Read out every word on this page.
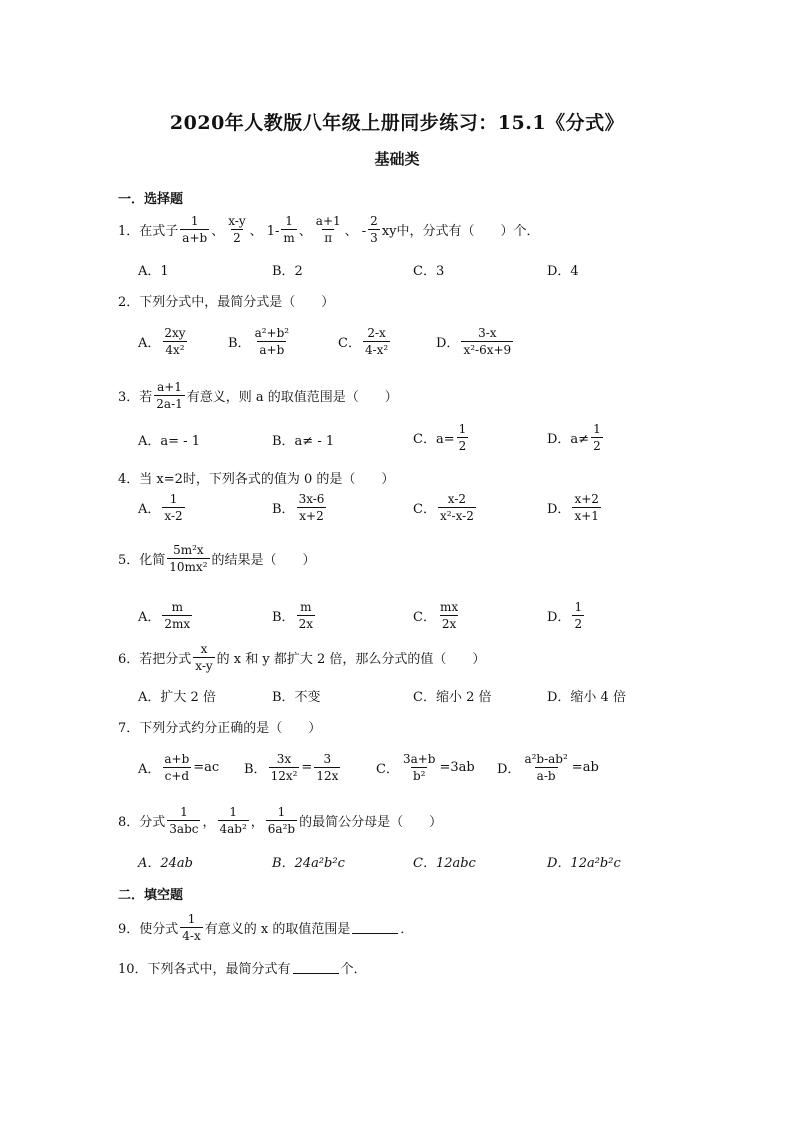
2020年人教版八年级上册同步练习：15.1《分式》
基础类
一．选择题
1． 在式子 $\frac{1}{a+b}$ 、 $\frac{x-y}{2}$ 、 $1- \frac{1}{m}$ 、 $\frac{a+1}{\pi}$ 、 - $\frac{2}{3}$ xy中，分式有（　　）个．
A．1	B．2	C．3	D．4
2．下列分式中，最简分式是（　　）
A． $\frac{2xy}{\text{4x²}}$	B． $\frac{\text{a²+b²}}{a+b}$	C． $\frac{2-x}{\text{4-x²}}$	D． $\frac{3-x}{\text{x²-6x+9}}$
3．若 $\frac{a+1}{2a-1}$ 有意义，则 a 的取值范围是（　　）
A．a= - 1	B．a≠ - 1	C．$a= \frac{1}{2}$	D．$a\ne \frac{1}{2}$
4．当 x=2时，下列各式的值为 0 的是（　　）
A． $\frac{1}{x-2}$	B． $\frac{3x-6}{x+2}$	C． $\frac{x-2}{\text{x²-x-2}}$	D． $\frac{x+2}{x+1}$
5．化简 $\frac{\text{5m²x}}{\text{10mx²}}$ 的结果是（　　）
A． $\frac{m}{2mx}$	B． $\frac{m}{2x}$	C． $\frac{mx}{2x}$	D． $\frac{1}{2}$
6．若把分式 $\frac{x}{x-y}$ 的 x 和 y 都扩大 2 倍，那么分式的值（　　）
A．扩大 2 倍	B．不变	C．缩小 2 倍	D．缩小 4 倍
7．下列分式约分正确的是（　　）
A． $\frac{a+b}{c+d} =ac$ B． $\frac{3x}{\text{12x²}} = \frac{3}{12x}$	C． $\frac{3a+b}{\text{b²}} =3ab$ D． $\frac{\text{a²b-ab²}}{a-b} =ab$
8．分式 $\frac{1}{\text{3abc}}$ ， $\frac{1}{\text{4ab²}}$ ， $\frac{1}{\text{6a²b}}$ 的最简公分母是（　　）
A．24ab	B．24a²b²c	C．12abc	D．12a²b²c
二．填空题
9．使分式 $\frac{1}{4-x}$ 有意义的 x 的取值范围是	．
10．下列各式中，最简分式有	个．
